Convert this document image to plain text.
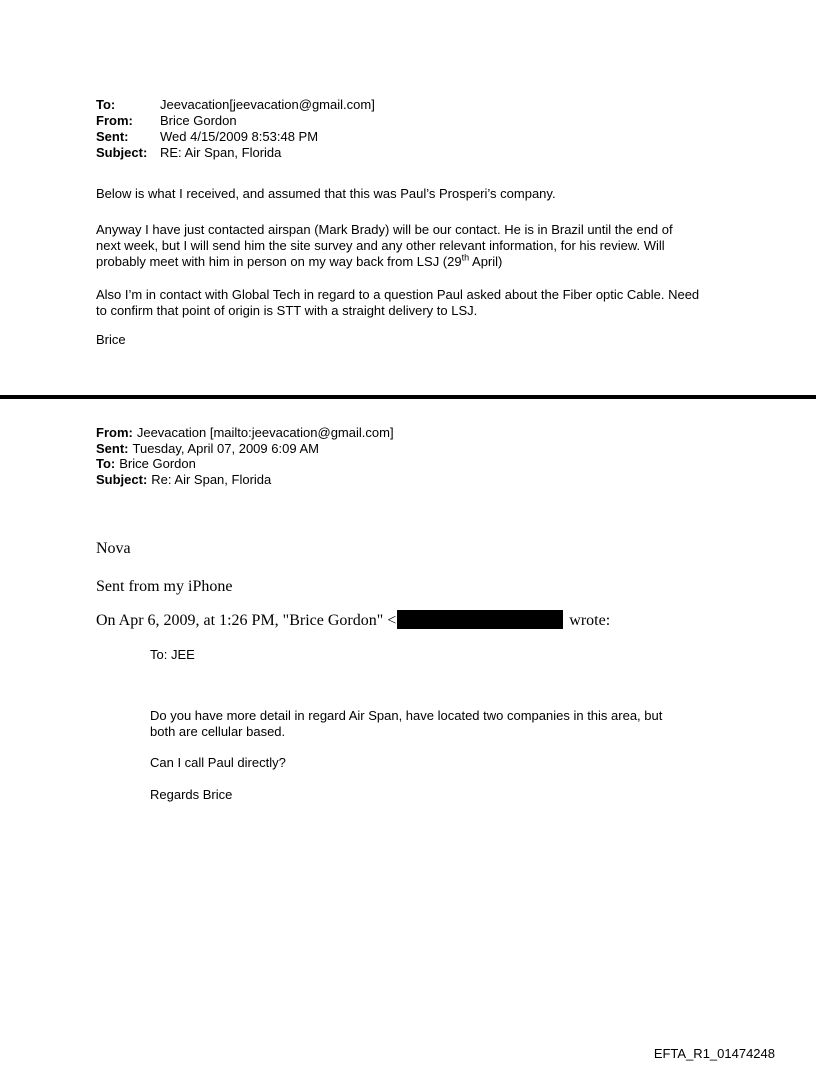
To:	Jeevacation[jeevacation@gmail.com]
From:	Brice Gordon
Sent:	Wed 4/15/2009 8:53:48 PM
Subject: RE: Air Span, Florida

Below is what I received, and assumed that this was Paul’s Prosperi’s company.

Anyway I have just contacted airspan (Mark Brady) will be our contact. He is in Brazil until the end of next week, but I will send him the site survey and any other relevant information, for his review. Will probably meet with him in person on my way back from LSJ (29th April)

Also I’m in contact with Global Tech in regard to a question Paul asked about the Fiber optic Cable. Need to confirm that point of origin is STT with a straight delivery to LSJ.

Brice

From: Jeevacation [mailto:jeevacation@gmail.com]
Sent: Tuesday, April 07, 2009 6:09 AM
To: Brice Gordon
Subject: Re: Air Span, Florida

Nova

Sent from my iPhone

On Apr 6, 2009, at 1:26 PM, "Brice Gordon" <	wrote:

To: JEE

Do you have more detail in regard Air Span, have located two companies in this area, but both are cellular based.

Can I call Paul directly?

Regards Brice

EFTA_R1_01474248
